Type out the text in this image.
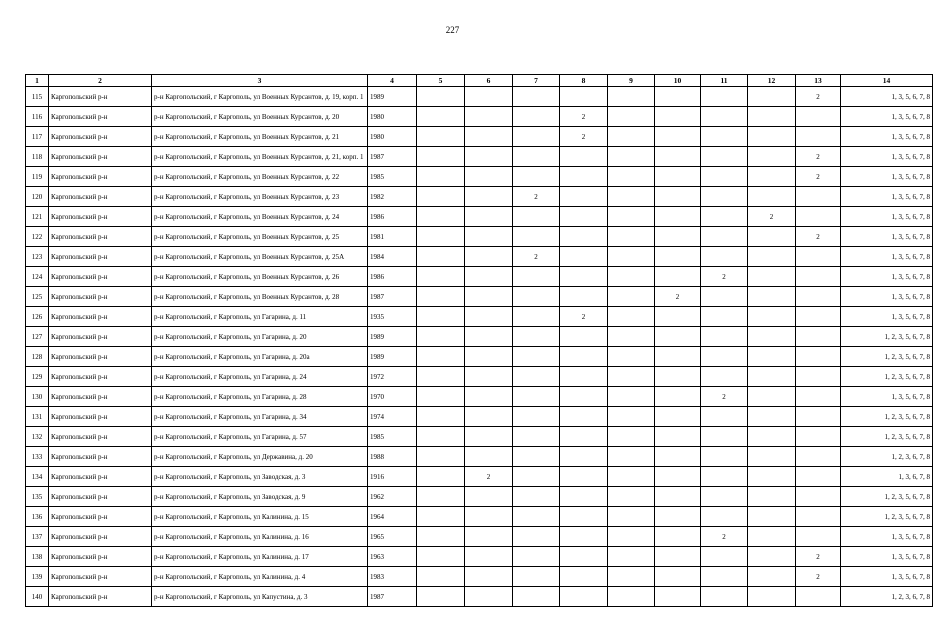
227
1	2	3	4	5	6	7	8	9	10	11	12	13	14
115	Каргопольский р-н	р-н Каргопольский, г Каргополь, ул Военных Курсантов, д. 19, корп. 1	1989									2	1, 3, 5, 6, 7, 8
116	Каргопольский р-н	р-н Каргопольский, г Каргополь, ул Военных Курсантов, д. 20	1980				2						1, 3, 5, 6, 7, 8
117	Каргопольский р-н	р-н Каргопольский, г Каргополь, ул Военных Курсантов, д. 21	1980				2						1, 3, 5, 6, 7, 8
118	Каргопольский р-н	р-н Каргопольский, г Каргополь, ул Военных Курсантов, д. 21, корп. 1	1987									2	1, 3, 5, 6, 7, 8
119	Каргопольский р-н	р-н Каргопольский, г Каргополь, ул Военных Курсантов, д. 22	1985									2	1, 3, 5, 6, 7, 8
120	Каргопольский р-н	р-н Каргопольский, г Каргополь, ул Военных Курсантов, д. 23	1982			2							1, 3, 5, 6, 7, 8
121	Каргопольский р-н	р-н Каргопольский, г Каргополь, ул Военных Курсантов, д. 24	1986								2		1, 3, 5, 6, 7, 8
122	Каргопольский р-н	р-н Каргопольский, г Каргополь, ул Военных Курсантов, д. 25	1981									2	1, 3, 5, 6, 7, 8
123	Каргопольский р-н	р-н Каргопольский, г Каргополь, ул Военных Курсантов, д. 25А	1984			2							1, 3, 5, 6, 7, 8
124	Каргопольский р-н	р-н Каргопольский, г Каргополь, ул Военных Курсантов, д. 26	1986							2			1, 3, 5, 6, 7, 8
125	Каргопольский р-н	р-н Каргопольский, г Каргополь, ул Военных Курсантов, д. 28	1987						2				1, 3, 5, 6, 7, 8
126	Каргопольский р-н	р-н Каргопольский, г Каргополь, ул Гагарина, д. 11	1935				2						1, 3, 5, 6, 7, 8
127	Каргопольский р-н	р-н Каргопольский, г Каргополь, ул Гагарина, д. 20	1989										1, 2, 3, 5, 6, 7, 8
128	Каргопольский р-н	р-н Каргопольский, г Каргополь, ул Гагарина, д. 20а	1989										1, 2, 3, 5, 6, 7, 8
129	Каргопольский р-н	р-н Каргопольский, г Каргополь, ул Гагарина, д. 24	1972										1, 2, 3, 5, 6, 7, 8
130	Каргопольский р-н	р-н Каргопольский, г Каргополь, ул Гагарина, д. 28	1970							2			1, 3, 5, 6, 7, 8
131	Каргопольский р-н	р-н Каргопольский, г Каргополь, ул Гагарина, д. 34	1974										1, 2, 3, 5, 6, 7, 8
132	Каргопольский р-н	р-н Каргопольский, г Каргополь, ул Гагарина, д. 57	1985										1, 2, 3, 5, 6, 7, 8
133	Каргопольский р-н	р-н Каргопольский, г Каргополь, ул Державина, д. 20	1988										1, 2, 3, 6, 7, 8
134	Каргопольский р-н	р-н Каргопольский, г Каргополь, ул Заводская, д. 3	1916		2								1, 3, 6, 7, 8
135	Каргопольский р-н	р-н Каргопольский, г Каргополь, ул Заводская, д. 9	1962										1, 2, 3, 5, 6, 7, 8
136	Каргопольский р-н	р-н Каргопольский, г Каргополь, ул Калинина, д. 15	1964										1, 2, 3, 5, 6, 7, 8
137	Каргопольский р-н	р-н Каргопольский, г Каргополь, ул Калинина, д. 16	1965							2			1, 3, 5, 6, 7, 8
138	Каргопольский р-н	р-н Каргопольский, г Каргополь, ул Калинина, д. 17	1963									2	1, 3, 5, 6, 7, 8
139	Каргопольский р-н	р-н Каргопольский, г Каргополь, ул Калинина, д. 4	1983									2	1, 3, 5, 6, 7, 8
140	Каргопольский р-н	р-н Каргопольский, г Каргополь, ул Капустина, д. 3	1987										1, 2, 3, 6, 7, 8
